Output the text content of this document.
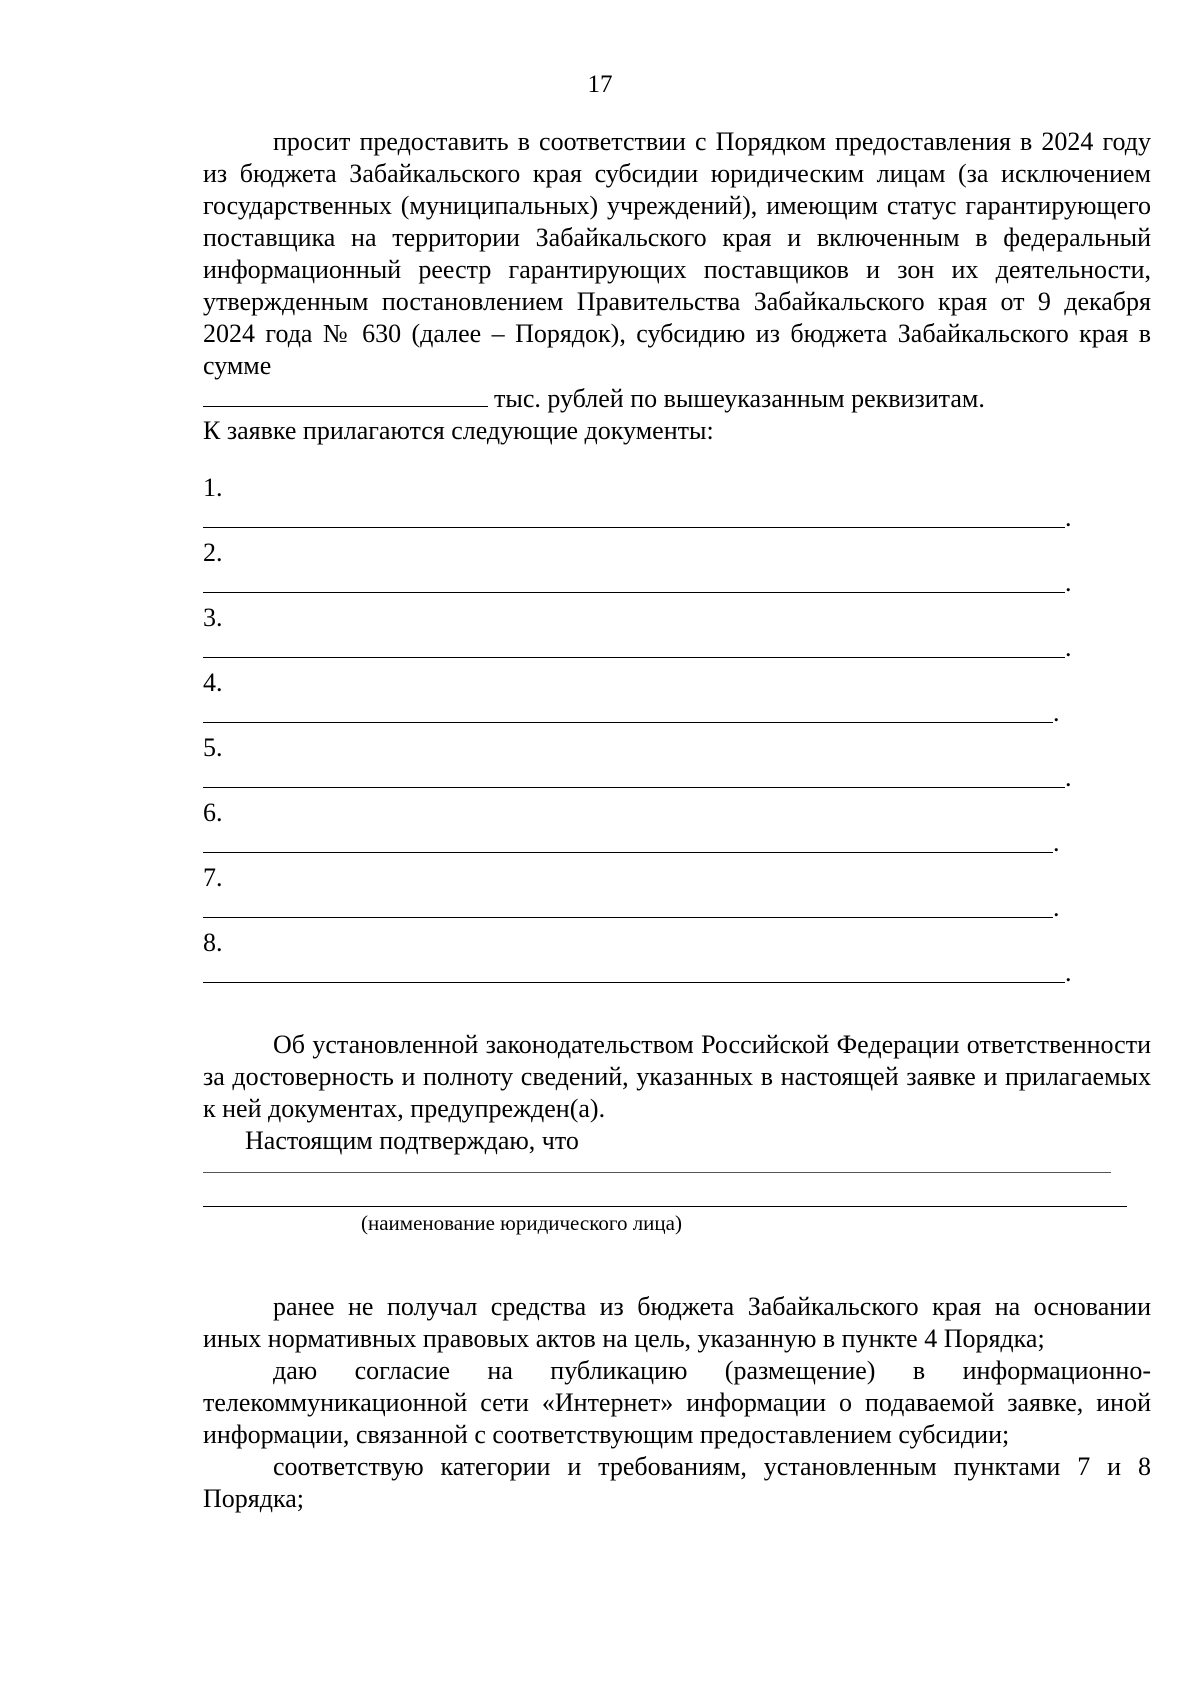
17

просит предоставить в соответствии с Порядком предоставления в 2024 году из бюджета Забайкальского края субсидии юридическим лицам (за исключением государственных (муниципальных) учреждений), имеющим статус гарантирующего поставщика на территории Забайкальского края и включенным в федеральный информационный реестр гарантирующих поставщиков и зон их деятельности, утвержденным постановлением Правительства Забайкальского края от 9 декабря 2024 года № 630 (далее – Порядок), субсидию из бюджета Забайкальского края в сумме

тыс. рублей по вышеуказанным реквизитам.

К заявке прилагаются следующие документы:

1.
.
2.
.
3.
.
4.
.
5.
.
6.
.
7.
.
8.
.

Об установленной законодательством Российской Федерации ответственности за достоверность и полноту сведений, указанных в настоящей заявке и прилагаемых к ней документах, предупрежден(а).

Настоящим подтверждаю, что

(наименование юридического лица)

ранее не получал средства из бюджета Забайкальского края на основании иных нормативных правовых актов на цель, указанную в пункте 4 Порядка;

даю согласие на публикацию (размещение) в информационно-телекоммуникационной сети «Интернет» информации о подаваемой заявке, иной информации, связанной с соответствующим предоставлением субсидии;

соответствую категории и требованиям, установленным пунктами 7 и 8 Порядка;
